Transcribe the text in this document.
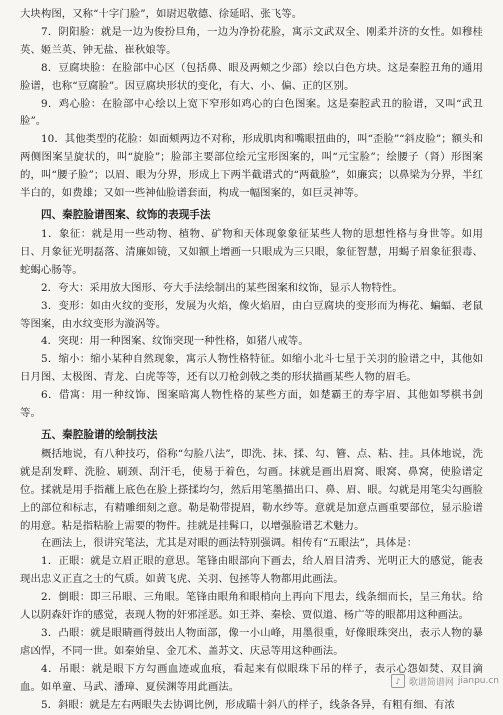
大块构图，又称“十字门脸”，如尉迟敬德、徐延昭、张飞等。

7．阴阳脸：就是一边为俊扮旦角，一边为净扮花脸，寓示文武双全、刚柔并济的女性。如穆桂英、姬兰英、钟无盐、崔秋娘等。

8．豆腐块脸：在脸部中心区（包括鼻、眼及两颊之少部）绘以白色方块。这是秦腔丑角的通用脸谱，也称“豆腐脸”。因豆腐块形状的变化，有大、小、偏、正的区别。

9．鸡心脸：在脸部中心绘以上宽下窄形如鸡心的白色图案。这是秦腔武丑的脸谱，又叫“武丑脸”。

10．其他类型的花脸：如面颊两边不对称，形成肌肉和嘴眼扭曲的，叫“歪脸”“斜皮脸”；额头和两侧图案呈旋状的，叫“旋脸”；脸部主要部位绘元宝形图案的，叫“元宝脸”；绘腰子（肾）形图案的，叫“腰子脸”；以眉、眼为分界，形成上下两半截谱式的“两截脸”，如廉宾；以鼻梁为分界，半红半白的，如费雄；又如一些神仙脸谱套面，构成一幅图案的，如巨灵神等。

四、秦腔脸谱图案、纹饰的表现手法

1．象征：就是用一些动物、植物、矿物和天体现象象征某些人物的思想性格与身世等。如用日、月象征光明磊落、清廉如镜，又如额上增画一只眼成为三只眼，象征智慧，用蝎子眉象征狠毒、蛇蝎心肠等。

2．夸大：采用放大图形、夸大手法绘制出的某些图案和纹饰，显示人物特性。

3．变形：如由火纹的变形，发展为火焰，像火焰眉，由白豆腐块的变形而为梅花、蝙蝠、老鼠等图案，由水纹变形为漩涡等。

4．突现：用一种图案、纹饰突现一种性格，如猪八戒等。

5．缩小：缩小某种自然现象，寓示人物性格特征。如缩小北斗七星于关羽的脸谱之中，其他如日月图、太极图、青龙、白虎等等，还有以刀枪剑戟之类的形状描画某些人物的眉毛。

6．借寓：用一种纹饰、图案暗寓人物性格的某些方面，如楚霸王的寿字眉、其他如琴棋书剑等。

五、秦腔脸谱的绘制技法

概括地说，有八种技巧，俗称“勾脸八法”，即洗、抹、揉、勾、簪、点、粘、挂。具体地说，洗就是刮发畔、洗脸、刷颈、刮汗毛，使易于着色，勾画。抹就是画出眉窝、眼窝、鼻窝，使脸谱定位。揉就是用手指蘸上底色在脸上搽揉均匀，然后用笔墨描出口、鼻、眉、眼。勾就是用笔尖勾画脸上的部位和标志，有精雕细刻之意。勒是勒带提眉，勒水纱等。意就是加意点画重要部位，显示脸谱的用意。粘是指粘脸上需要的物件。挂就是挂髯口，以增强脸谱艺术魅力。

在画法上，很讲究笔法，尤其是对眼的画法特别强调。相传有“五眼法”，具体是：

1．正眼：就是立眉正眼的意思。笔锋由眼部向下画去，给人眉目清秀、光明正大的感觉，能表现出忠义正直之士的气质。如黄飞虎、关羽、包拯等人物都用此画法。

2．倒眼：即三吊眼、三角眼。笔锋由眼角和眼梢向上再向下甩去，线条细而长，呈三角状。给人以阴森奸诈的感觉，表现人物的奸邪淫恶。如王莽、秦桧、贾似道、杨广等的眼都用这种画法。

3．凸眼：就是眼睛画得鼓出人物面部，像一小山峰，用墨很重，好像眼珠突出，表示人物的暴虐凶悍，不同一世。如秦始皇、金兀术、盖苏文、庆忌等用这种画法。

4．吊眼：就是眼下方勾画血迹或血痕，看起来有似眼珠下吊的样子，表示心怨如焚、双目滴血。如单童、马武、潘璋、夏侯渊等用此画法。

5．斜眼：就是左右两眼失去协调比例，形成瞄十斜八的样子，线条各异，有粗有细、有浓

♪ 歌谱简谱网 jianpu.cn
